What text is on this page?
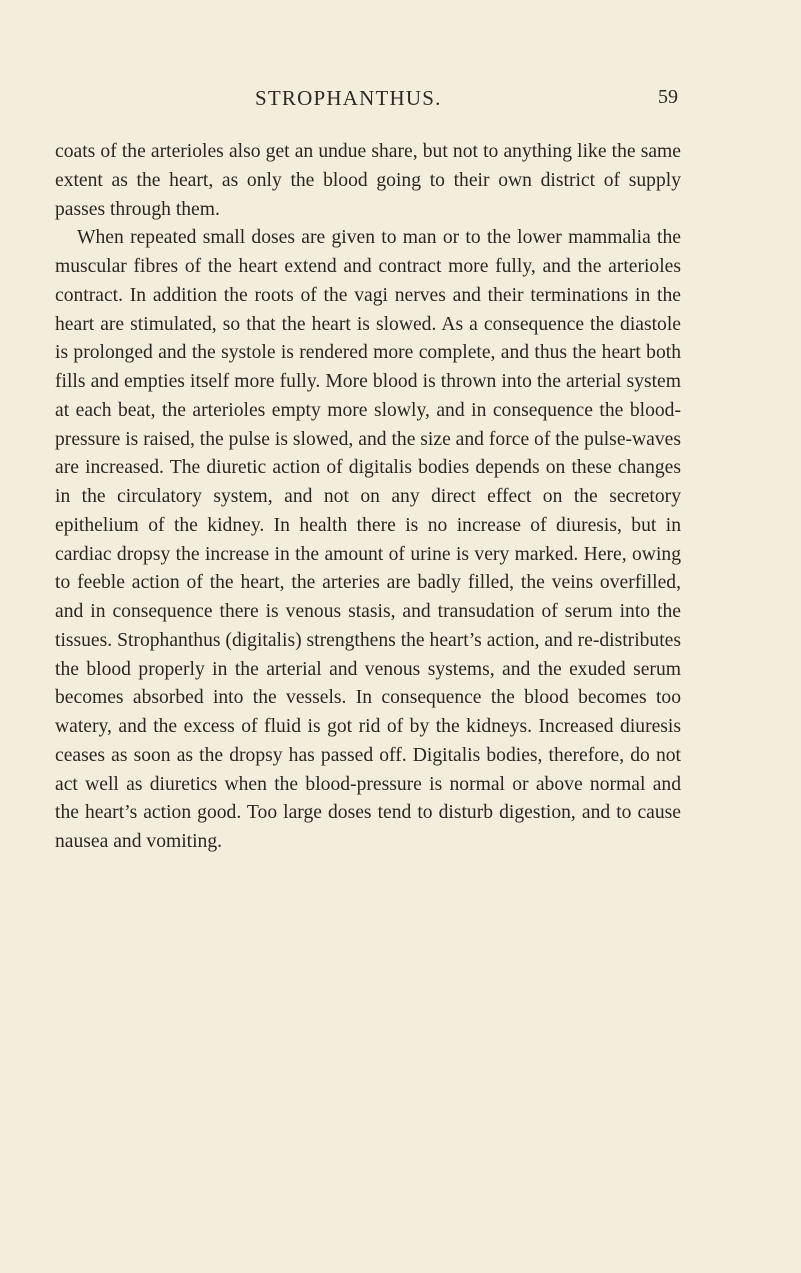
STROPHANTHUS.	59

coats of the arterioles also get an undue share, but not to anything like the same extent as the heart, as only the blood going to their own district of supply passes through them.

When repeated small doses are given to man or to the lower mammalia the muscular fibres of the heart extend and contract more fully, and the arterioles contract. In addition the roots of the vagi nerves and their terminations in the heart are stimulated, so that the heart is slowed. As a consequence the diastole is prolonged and the systole is rendered more complete, and thus the heart both fills and empties itself more fully. More blood is thrown into the arterial system at each beat, the arterioles empty more slowly, and in consequence the blood-pressure is raised, the pulse is slowed, and the size and force of the pulse-waves are increased. The diuretic action of digitalis bodies depends on these changes in the circulatory system, and not on any direct effect on the secretory epithelium of the kidney. In health there is no increase of diuresis, but in cardiac dropsy the increase in the amount of urine is very marked. Here, owing to feeble action of the heart, the arteries are badly filled, the veins overfilled, and in consequence there is venous stasis, and transudation of serum into the tissues. Strophanthus (digitalis) strengthens the heart’s action, and re-distributes the blood properly in the arterial and venous systems, and the exuded serum becomes absorbed into the vessels. In consequence the blood becomes too watery, and the excess of fluid is got rid of by the kidneys. Increased diuresis ceases as soon as the dropsy has passed off. Digitalis bodies, therefore, do not act well as diuretics when the blood-pressure is normal or above normal and the heart’s action good. Too large doses tend to disturb digestion, and to cause nausea and vomiting.
